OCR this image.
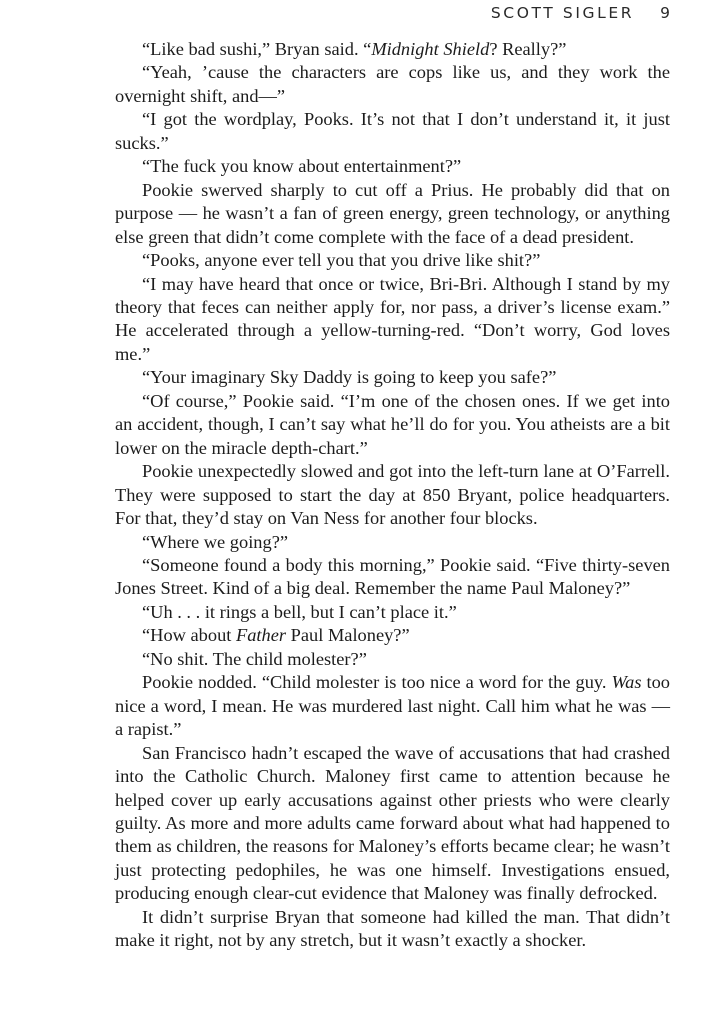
SCOTT SIGLER 9

“Like bad sushi,” Bryan said. “Midnight Shield? Really?”

“Yeah, ’cause the characters are cops like us, and they work the overnight shift, and—”

“I got the wordplay, Pooks. It’s not that I don’t understand it, it just sucks.”

“The fuck you know about entertainment?”

Pookie swerved sharply to cut off a Prius. He probably did that on purpose — he wasn’t a fan of green energy, green technology, or anything else green that didn’t come complete with the face of a dead president.

“Pooks, anyone ever tell you that you drive like shit?”

“I may have heard that once or twice, Bri-Bri. Although I stand by my theory that feces can neither apply for, nor pass, a driver’s license exam.” He accelerated through a yellow-turning-red. “Don’t worry, God loves me.”

“Your imaginary Sky Daddy is going to keep you safe?”

“Of course,” Pookie said. “I’m one of the chosen ones. If we get into an accident, though, I can’t say what he’ll do for you. You atheists are a bit lower on the miracle depth-chart.”

Pookie unexpectedly slowed and got into the left-turn lane at O’Farrell. They were supposed to start the day at 850 Bryant, police headquarters. For that, they’d stay on Van Ness for another four blocks.

“Where we going?”

“Someone found a body this morning,” Pookie said. “Five thirty-seven Jones Street. Kind of a big deal. Remember the name Paul Maloney?”

“Uh . . . it rings a bell, but I can’t place it.”

“How about Father Paul Maloney?”

“No shit. The child molester?”

Pookie nodded. “Child molester is too nice a word for the guy. Was too nice a word, I mean. He was murdered last night. Call him what he was — a rapist.”

San Francisco hadn’t escaped the wave of accusations that had crashed into the Catholic Church. Maloney first came to attention because he helped cover up early accusations against other priests who were clearly guilty. As more and more adults came forward about what had happened to them as children, the reasons for Maloney’s efforts became clear; he wasn’t just protecting pedophiles, he was one himself. Investigations ensued, producing enough clear-cut evidence that Maloney was finally defrocked.

It didn’t surprise Bryan that someone had killed the man. That didn’t make it right, not by any stretch, but it wasn’t exactly a shocker.
